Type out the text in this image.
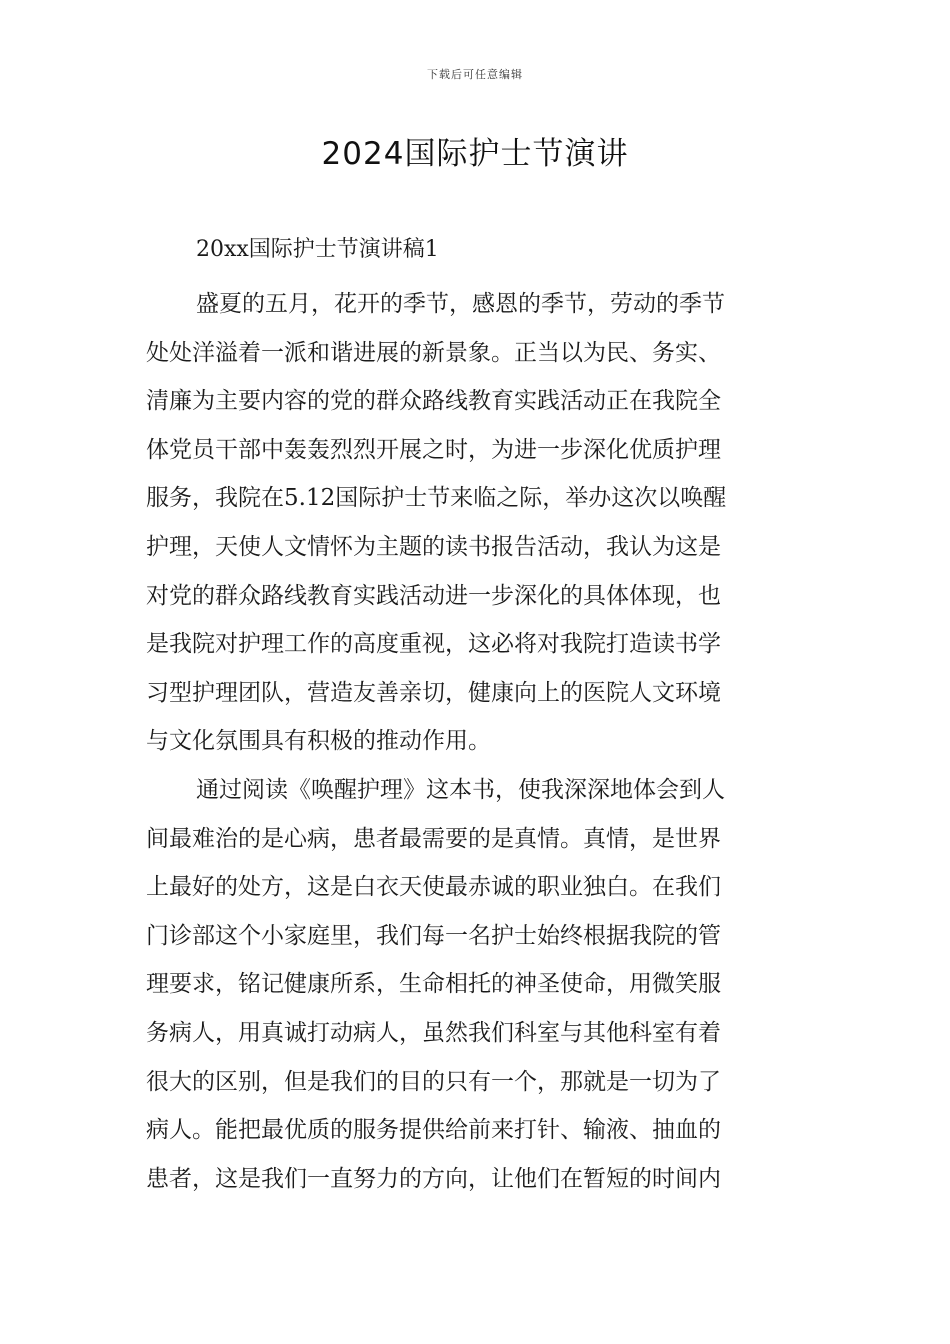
下载后可任意编辑
2024国际护士节演讲

20xx国际护士节演讲稿1

盛夏的五月，花开的季节，感恩的季节，劳动的季节
处处洋溢着一派和谐进展的新景象。正当以为民、务实、
清廉为主要内容的党的群众路线教育实践活动正在我院全
体党员干部中轰轰烈烈开展之时，为进一步深化优质护理
服务，我院在5.12国际护士节来临之际，举办这次以唤醒
护理，天使人文情怀为主题的读书报告活动，我认为这是
对党的群众路线教育实践活动进一步深化的具体体现，也
是我院对护理工作的高度重视，这必将对我院打造读书学
习型护理团队，营造友善亲切，健康向上的医院人文环境
与文化氛围具有积极的推动作用。
通过阅读《唤醒护理》这本书，使我深深地体会到人
间最难治的是心病，患者最需要的是真情。真情，是世界
上最好的处方，这是白衣天使最赤诚的职业独白。在我们
门诊部这个小家庭里，我们每一名护士始终根据我院的管
理要求，铭记健康所系，生命相托的神圣使命，用微笑服
务病人，用真诚打动病人，虽然我们科室与其他科室有着
很大的区别，但是我们的目的只有一个，那就是一切为了
病人。能把最优质的服务提供给前来打针、输液、抽血的
患者，这是我们一直努力的方向，让他们在暂短的时间内
